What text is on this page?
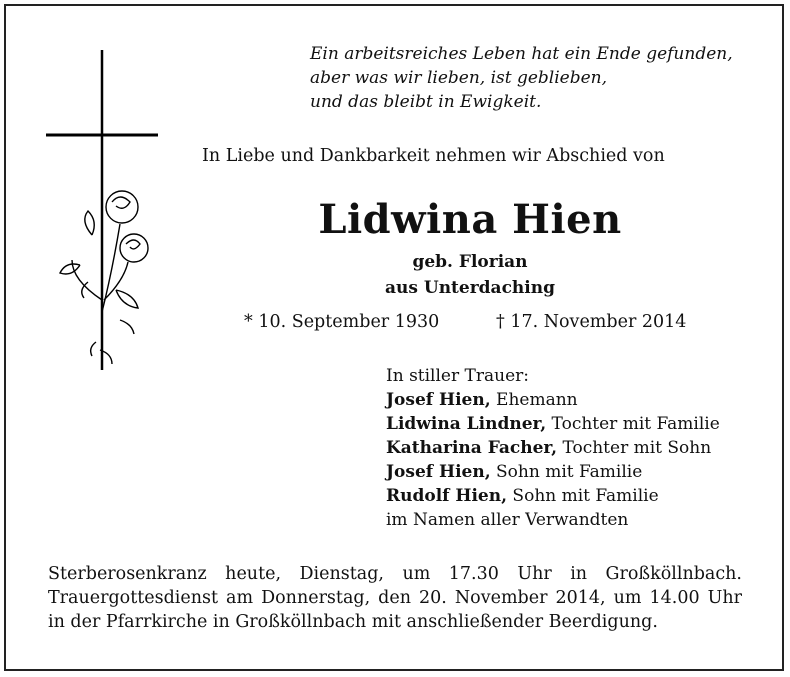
Ein arbeitsreiches Leben hat ein Ende gefunden,
aber was wir lieben, ist geblieben,
und das bleibt in Ewigkeit.
In Liebe und Dankbarkeit nehmen wir Abschied von
Lidwina Hien
geb. Florian
aus Unterdaching
* 10. September 1930	† 17. November 2014
In stiller Trauer:
Josef Hien, Ehemann
Lidwina Lindner, Tochter mit Familie
Katharina Facher, Tochter mit Sohn
Josef Hien, Sohn mit Familie
Rudolf Hien, Sohn mit Familie
im Namen aller Verwandten
Sterberosenkranz heute, Dienstag, um 17.30 Uhr in Großköllnbach.
Trauergottesdienst am Donnerstag, den 20. November 2014, um 14.00 Uhr
in der Pfarrkirche in Großköllnbach mit anschließender Beerdigung.
